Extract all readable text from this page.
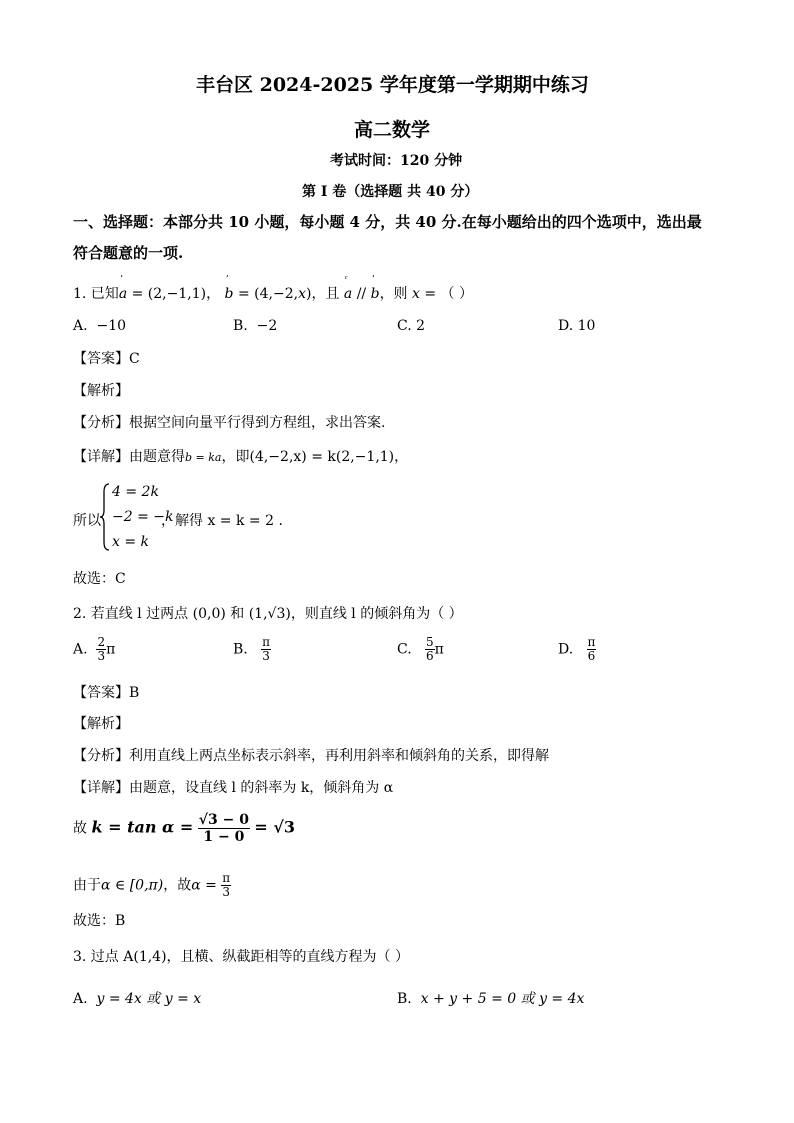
丰台区 2024-2025 学年度第一学期期中练习
高二数学
考试时间：120 分钟
第 I 卷（选择题 共 40 分）
一、选择题：本部分共 10 小题，每小题 4 分，共 40 分.在每小题给出的四个选项中，选出最
符合题意的一项.
1. 已知a
ʼ
= (2,−1,1)， b
ʼ
= (4,−2,x)，且 a
ʳ
// b
ʼ
，则 x = （ ）
A. −10	B. −2	C. 2	D. 10
【答案】C
【解析】
【分析】根据空间向量平行得到方程组，求出答案.
【详解】由题意得b = ka，即(4,−2,x) = k(2,−1,1)，
所以
4 = 2k
−2 = −k
x = k
，解得 x = k = 2 .
故选：C
2. 若直线 l 过两点 (0,0) 和 (1,√3)，则直线 l 的倾斜角为（ ）
A. $\frac{2}{3}$ π	B. $\frac{\pi}{3}$	C. $\frac{5}{6}$ π	D. $\frac{\pi}{6}$
【答案】B
【解析】
【分析】利用直线上两点坐标表示斜率，再利用斜率和倾斜角的关系，即得解
【详解】由题意，设直线 l 的斜率为 k，倾斜角为 α
故 $k = \tan \alpha = \frac{√3 - 0}{1 - 0} = √3$
由于α ∈ [0,π)，故$\alpha = \frac{\pi}{3}$
故选：B
3. 过点 A(1,4)，且横、纵截距相等的直线方程为（ ）
A. y = 4x 或 y = x	B. x + y + 5 = 0 或 y = 4x
